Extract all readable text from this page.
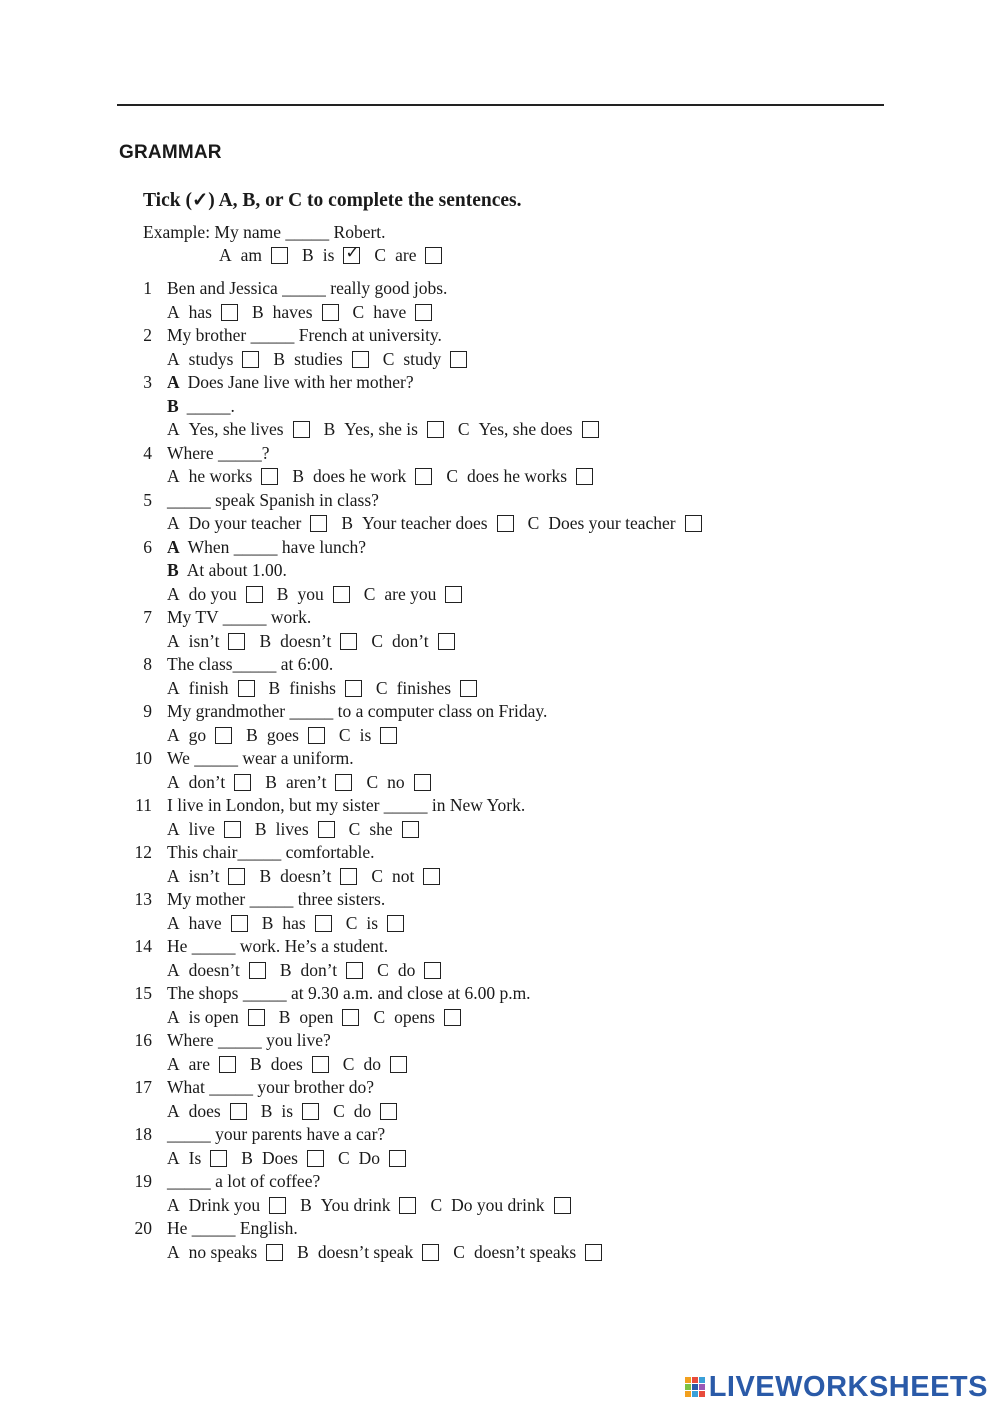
GRAMMAR
Tick (✓) A, B, or C to complete the sentences.
Example: My name _____ Robert.
A am B is ✓ C are
1 Ben and Jessica _____ really good jobs.
A has B haves C have
2 My brother _____ French at university.
A studys B studies C study
3 A Does Jane live with her mother?
B _____.
A Yes, she lives B Yes, she is C Yes, she does
4 Where _____?
A he works B does he work C does he works
5 _____ speak Spanish in class?
A Do your teacher B Your teacher does C Does your teacher
6 A When _____ have lunch?
B At about 1.00.
A do you B you C are you
7 My TV _____ work.
A isn’t B doesn’t C don’t
8 The class_____ at 6:00.
A finish B finishs C finishes
9 My grandmother _____ to a computer class on Friday.
A go B goes C is
10 We _____ wear a uniform.
A don’t B aren’t C no
11 I live in London, but my sister _____ in New York.
A live B lives C she
12 This chair_____ comfortable.
A isn’t B doesn’t C not
13 My mother _____ three sisters.
A have B has C is
14 He _____ work. He’s a student.
A doesn’t B don’t C do
15 The shops _____ at 9.30 a.m. and close at 6.00 p.m.
A is open B open C opens
16 Where _____ you live?
A are B does C do
17 What _____ your brother do?
A does B is C do
18 _____ your parents have a car?
A Is B Does C Do
19 _____ a lot of coffee?
A Drink you B You drink C Do you drink
20 He _____ English.
A no speaks B doesn’t speak C doesn’t speaks
LIVEWORKSHEETS
